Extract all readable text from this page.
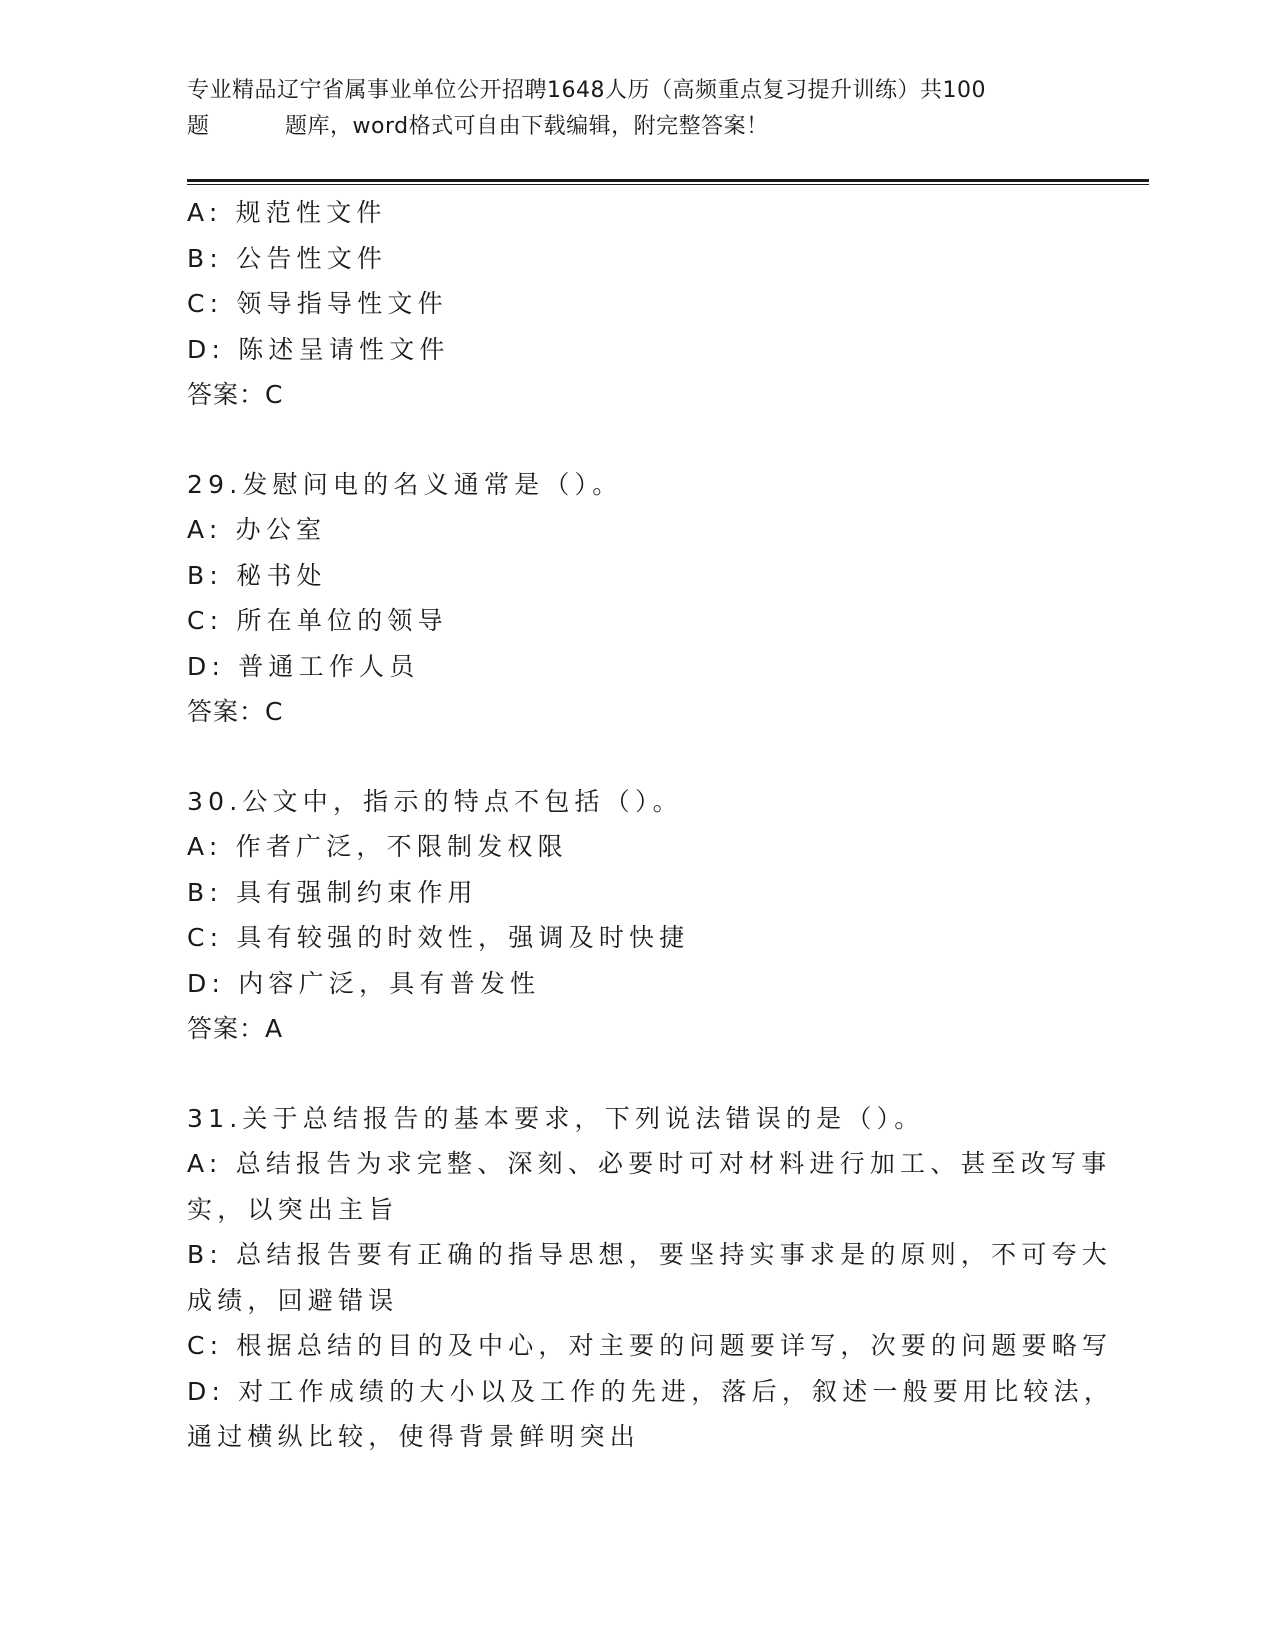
专业精品辽宁省属事业单位公开招聘1648人历（高频重点复习提升训练）共100
题	题库，word格式可自由下载编辑，附完整答案！
A: 规范性文件
B: 公告性文件
C: 领导指导性文件
D: 陈述呈请性文件
答案：C
29.发慰问电的名义通常是（）。
A: 办公室
B: 秘书处
C: 所在单位的领导
D: 普通工作人员
答案：C
30.公文中，指示的特点不包括（）。
A: 作者广泛，不限制发权限
B: 具有强制约束作用
C: 具有较强的时效性，强调及时快捷
D: 内容广泛，具有普发性
答案：A
31.关于总结报告的基本要求，下列说法错误的是（）。
A: 总结报告为求完整、深刻、必要时可对材料进行加工、甚至改写事
实，以突出主旨
B: 总结报告要有正确的指导思想，要坚持实事求是的原则，不可夸大
成绩，回避错误
C: 根据总结的目的及中心，对主要的问题要详写，次要的问题要略写
D: 对工作成绩的大小以及工作的先进，落后，叙述一般要用比较法，
通过横纵比较，使得背景鲜明突出
